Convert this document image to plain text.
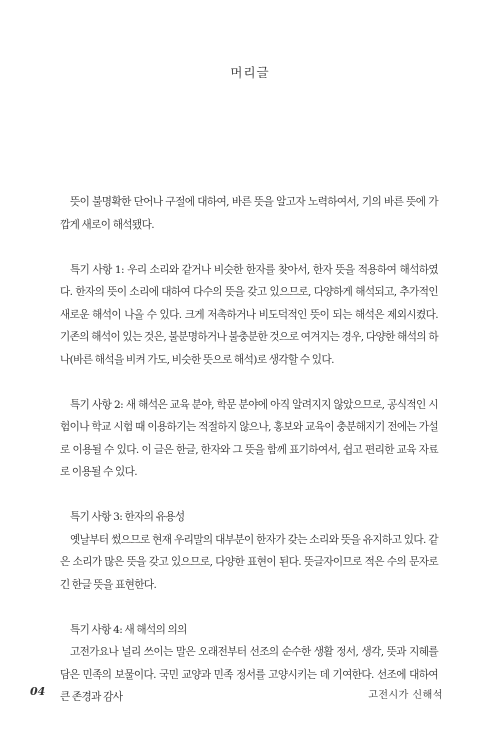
머리글

뜻이 불명확한 단어나 구절에 대하여, 바른 뜻을 알고자 노력하여서, 기의 바른 뜻에 가깝게 새로이 해석됐다.

특기 사항 1: 우리 소리와 같거나 비슷한 한자를 찾아서, 한자 뜻을 적용하여 해석하였다. 한자의 뜻이 소리에 대하여 다수의 뜻을 갖고 있으므로, 다양하게 해석되고, 추가적인 새로운 해석이 나올 수 있다. 크게 저촉하거나 비도덕적인 뜻이 되는 해석은 제외시켰다. 기존의 해석이 있는 것은, 불분명하거나 불충분한 것으로 여겨지는 경우, 다양한 해석의 하나(바른 해석을 비켜 가도, 비슷한 뜻으로 해석)로 생각할 수 있다.

특기 사항 2: 새 해석은 교육 분야, 학문 분야에 아직 알려지지 않았으므로, 공식적인 시험이나 학교 시험 때 이용하기는 적절하지 않으나, 홍보와 교육이 충분해지기 전에는 가설로 이용될 수 있다. 이 글은 한글, 한자와 그 뜻을 함께 표기하여서, 쉽고 편리한 교육 자료로 이용될 수 있다.

특기 사항 3: 한자의 유용성

옛날부터 썼으므로 현재 우리말의 대부분이 한자가 갖는 소리와 뜻을 유지하고 있다. 같은 소리가 많은 뜻을 갖고 있으므로, 다양한 표현이 된다. 뜻글자이므로 적은 수의 문자로 긴 한글 뜻을 표현한다.

특기 사항 4: 새 해석의 의의

고전가요나 널리 쓰이는 말은 오래전부터 선조의 순수한 생활 정서, 생각, 뜻과 지혜를 담은 민족의 보물이다. 국민 교양과 민족 정서를 고양시키는 데 기여한다. 선조에 대하여 큰 존경과 감사

04	고전시가 신해석
